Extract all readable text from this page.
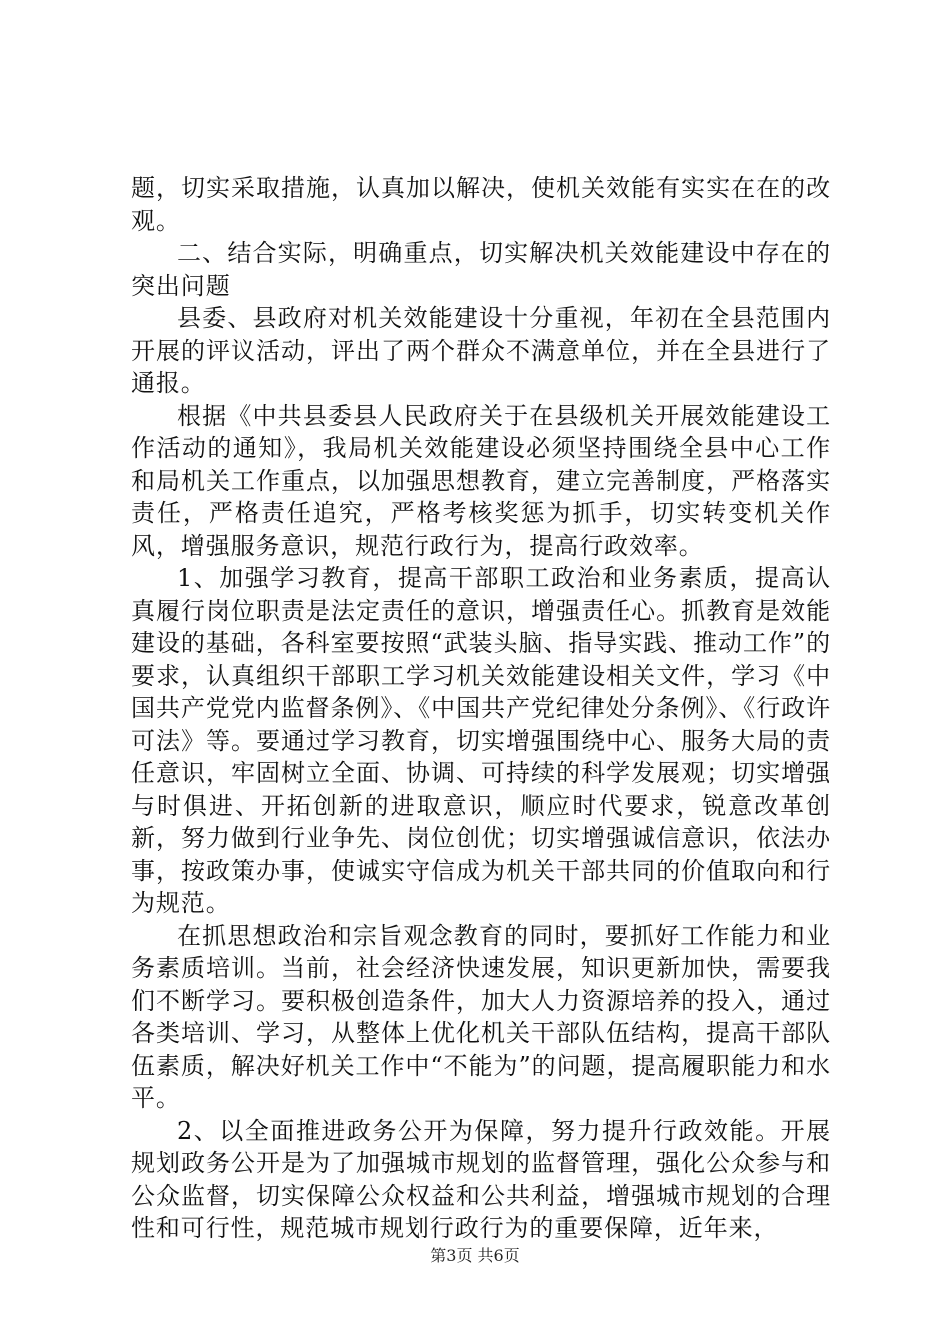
题，切实采取措施，认真加以解决，使机关效能有实实在在的改观。

二、结合实际，明确重点，切实解决机关效能建设中存在的突出问题

县委、县政府对机关效能建设十分重视，年初在全县范围内开展的评议活动，评出了两个群众不满意单位，并在全县进行了通报。

根据《中共县委县人民政府关于在县级机关开展效能建设工作活动的通知》，我局机关效能建设必须坚持围绕全县中心工作和局机关工作重点，以加强思想教育，建立完善制度，严格落实责任，严格责任追究，严格考核奖惩为抓手，切实转变机关作风，增强服务意识，规范行政行为，提高行政效率。

1、加强学习教育，提高干部职工政治和业务素质，提高认真履行岗位职责是法定责任的意识，增强责任心。抓教育是效能建设的基础，各科室要按照“武装头脑、指导实践、推动工作”的要求，认真组织干部职工学习机关效能建设相关文件，学习《中国共产党党内监督条例》、《中国共产党纪律处分条例》、《行政许可法》等。要通过学习教育，切实增强围绕中心、服务大局的责任意识，牢固树立全面、协调、可持续的科学发展观；切实增强与时俱进、开拓创新的进取意识，顺应时代要求，锐意改革创新，努力做到行业争先、岗位创优；切实增强诚信意识，依法办事，按政策办事，使诚实守信成为机关干部共同的价值取向和行为规范。

在抓思想政治和宗旨观念教育的同时，要抓好工作能力和业务素质培训。当前，社会经济快速发展，知识更新加快，需要我们不断学习。要积极创造条件，加大人力资源培养的投入，通过各类培训、学习，从整体上优化机关干部队伍结构，提高干部队伍素质，解决好机关工作中“不能为”的问题，提高履职能力和水平。

2、以全面推进政务公开为保障，努力提升行政效能。开展规划政务公开是为了加强城市规划的监督管理，强化公众参与和公众监督，切实保障公众权益和公共利益，增强城市规划的合理性和可行性，规范城市规划行政行为的重要保障，近年来，

第3页 共6页
